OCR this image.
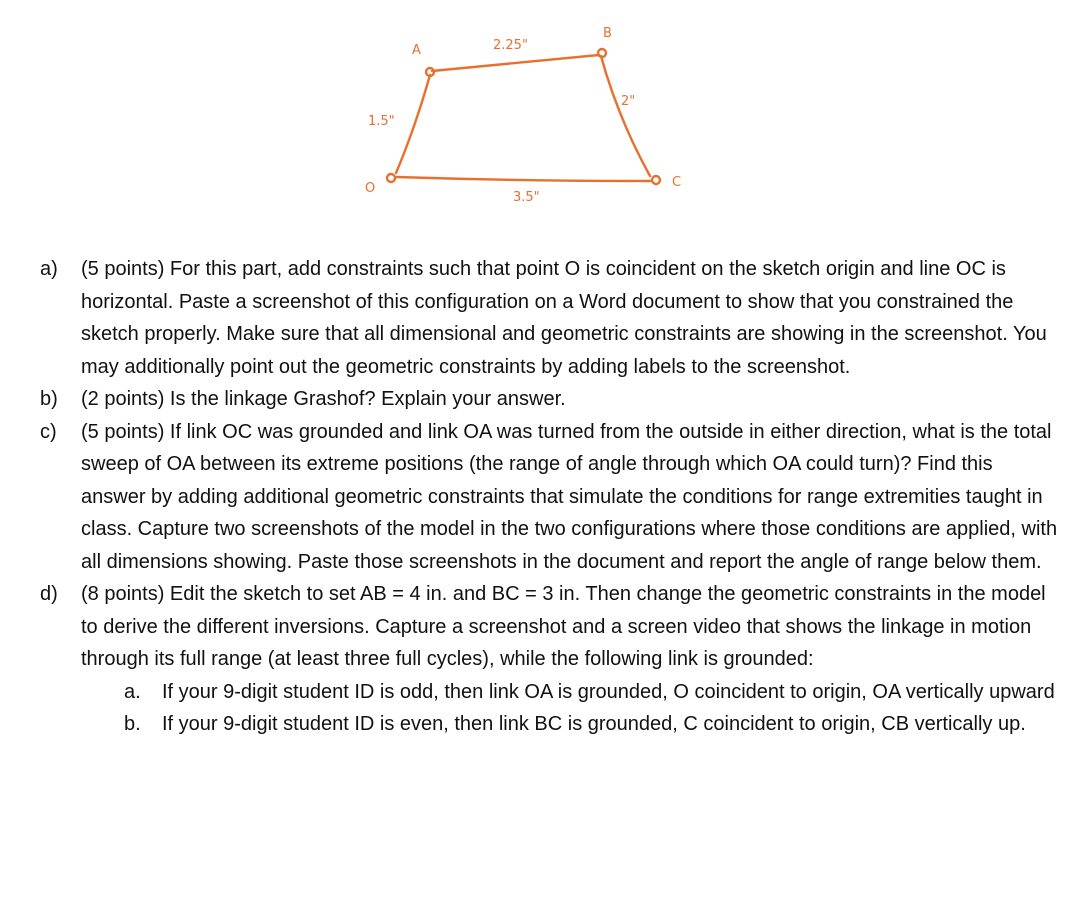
A
B
O	C
2.25"
1.5"
2"
3.5"
a) (5 points) For this part, add constraints such that point O is coincident on the sketch origin and line OC is horizontal. Paste a screenshot of this configuration on a Word document to show that you constrained the sketch properly. Make sure that all dimensional and geometric constraints are showing in the screenshot. You may additionally point out the geometric constraints by adding labels to the screenshot.
b) (2 points) Is the linkage Grashof? Explain your answer.
c) (5 points) If link OC was grounded and link OA was turned from the outside in either direction, what is the total sweep of OA between its extreme positions (the range of angle through which OA could turn)? Find this answer by adding additional geometric constraints that simulate the conditions for range extremities taught in class. Capture two screenshots of the model in the two configurations where those conditions are applied, with all dimensions showing. Paste those screenshots in the document and report the angle of range below them.
d) (8 points) Edit the sketch to set AB = 4 in. and BC = 3 in. Then change the geometric constraints in the model to derive the different inversions. Capture a screenshot and a screen video that shows the linkage in motion through its full range (at least three full cycles), while the following link is grounded:
a. If your 9-digit student ID is odd, then link OA is grounded, O coincident to origin, OA vertically upward
b. If your 9-digit student ID is even, then link BC is grounded, C coincident to origin, CB vertically up.
